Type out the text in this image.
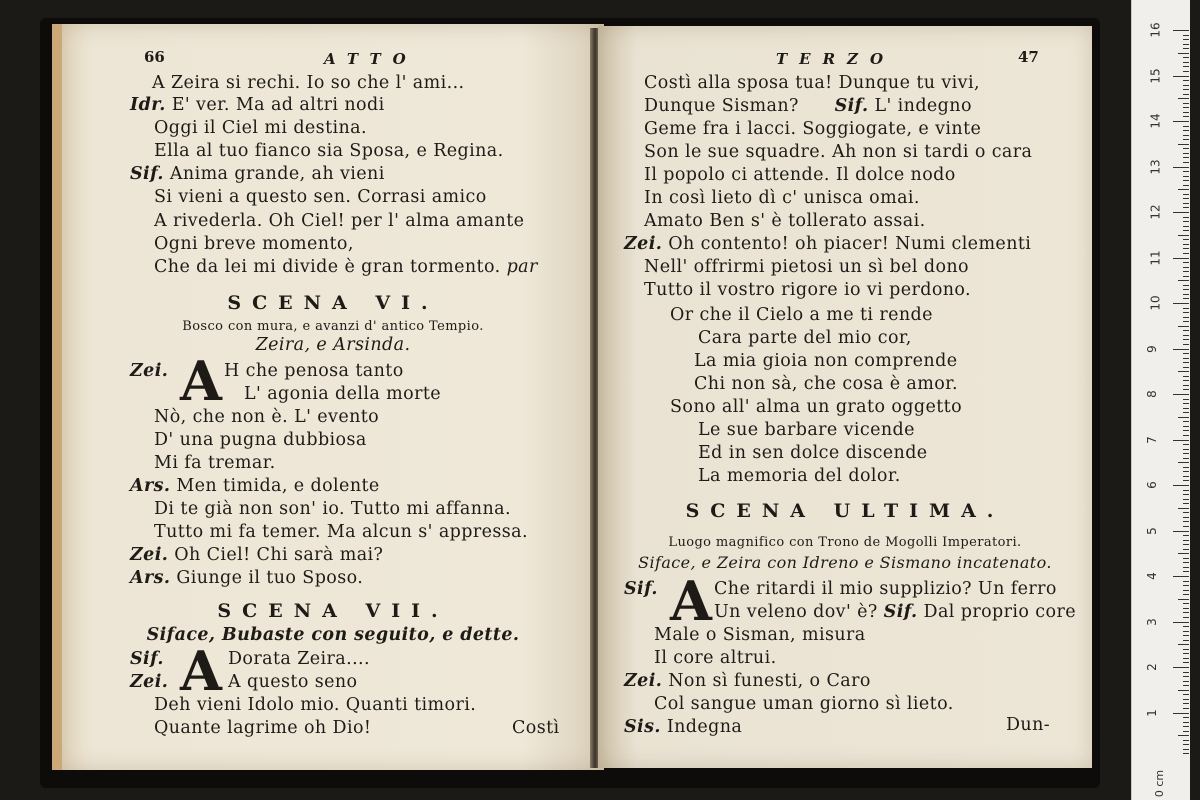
66	ATTO
A Zeira si rechi. Io so che l' ami...
Idr. E' ver. Ma ad altri nodi
Oggi il Ciel mi destina.
Ella al tuo fianco sia Sposa, e Regina.
Sif. Anima grande, ah vieni
Si vieni a questo sen. Corrasi amico
A rivederla. Oh Ciel! per l' alma amante
Ogni breve momento,
Che da lei mi divide è gran tormento. par
SCENA VI.
Bosco con mura, e avanzi d' antico Tempio.
Zeira, e Arsinda.
A
Zei.	H che penosa tanto
L' agonia della morte
Nò, che non è. L' evento
D' una pugna dubbiosa
Mi fa tremar.
Ars. Men timida, e dolente
Di te già non son' io. Tutto mi affanna.
Tutto mi fa temer. Ma alcun s' appressa.
Zei. Oh Ciel! Chi sarà mai?
Ars. Giunge il tuo Sposo.
SCENA VII.
Siface, Bubaste con seguito, e dette.
A
Sif.	Dorata Zeira....
Zei.	A questo seno
Deh vieni Idolo mio. Quanti timori.
Quante lagrime oh Dio!	Costì
TERZO	47
Costì alla sposa tua! Dunque tu vivi,
Dunque Sisman? Sif. L' indegno
Geme fra i lacci. Soggiogate, e vinte
Son le sue squadre. Ah non si tardi o cara
Il popolo ci attende. Il dolce nodo
In così lieto dì c' unisca omai.
Amato Ben s' è tollerato assai.
Zei. Oh contento! oh piacer! Numi clementi
Nell' offrirmi pietosi un sì bel dono
Tutto il vostro rigore io vi perdono.
Or che il Cielo a me ti rende
Cara parte del mio cor,
La mia gioia non comprende
Chi non sà, che cosa è amor.
Sono all' alma un grato oggetto
Le sue barbare vicende
Ed in sen dolce discende
La memoria del dolor.
SCENA ULTIMA.
Luogo magnifico con Trono de Mogolli Imperatori.
Siface, e Zeira con Idreno e Sismano incatenato.
A
Sif.	Che ritardi il mio supplizio? Un ferro
Un veleno dov' è? Sif. Dal proprio core
Male o Sisman, misura
Il core altrui.
Zei. Non sì funesti, o Caro
Col sangue uman giorno sì lieto.
Sis. Indegna	Dun-
16
15
14
13
12
11
10
9
8
7
6
5
4
3
2
1
0 cm
